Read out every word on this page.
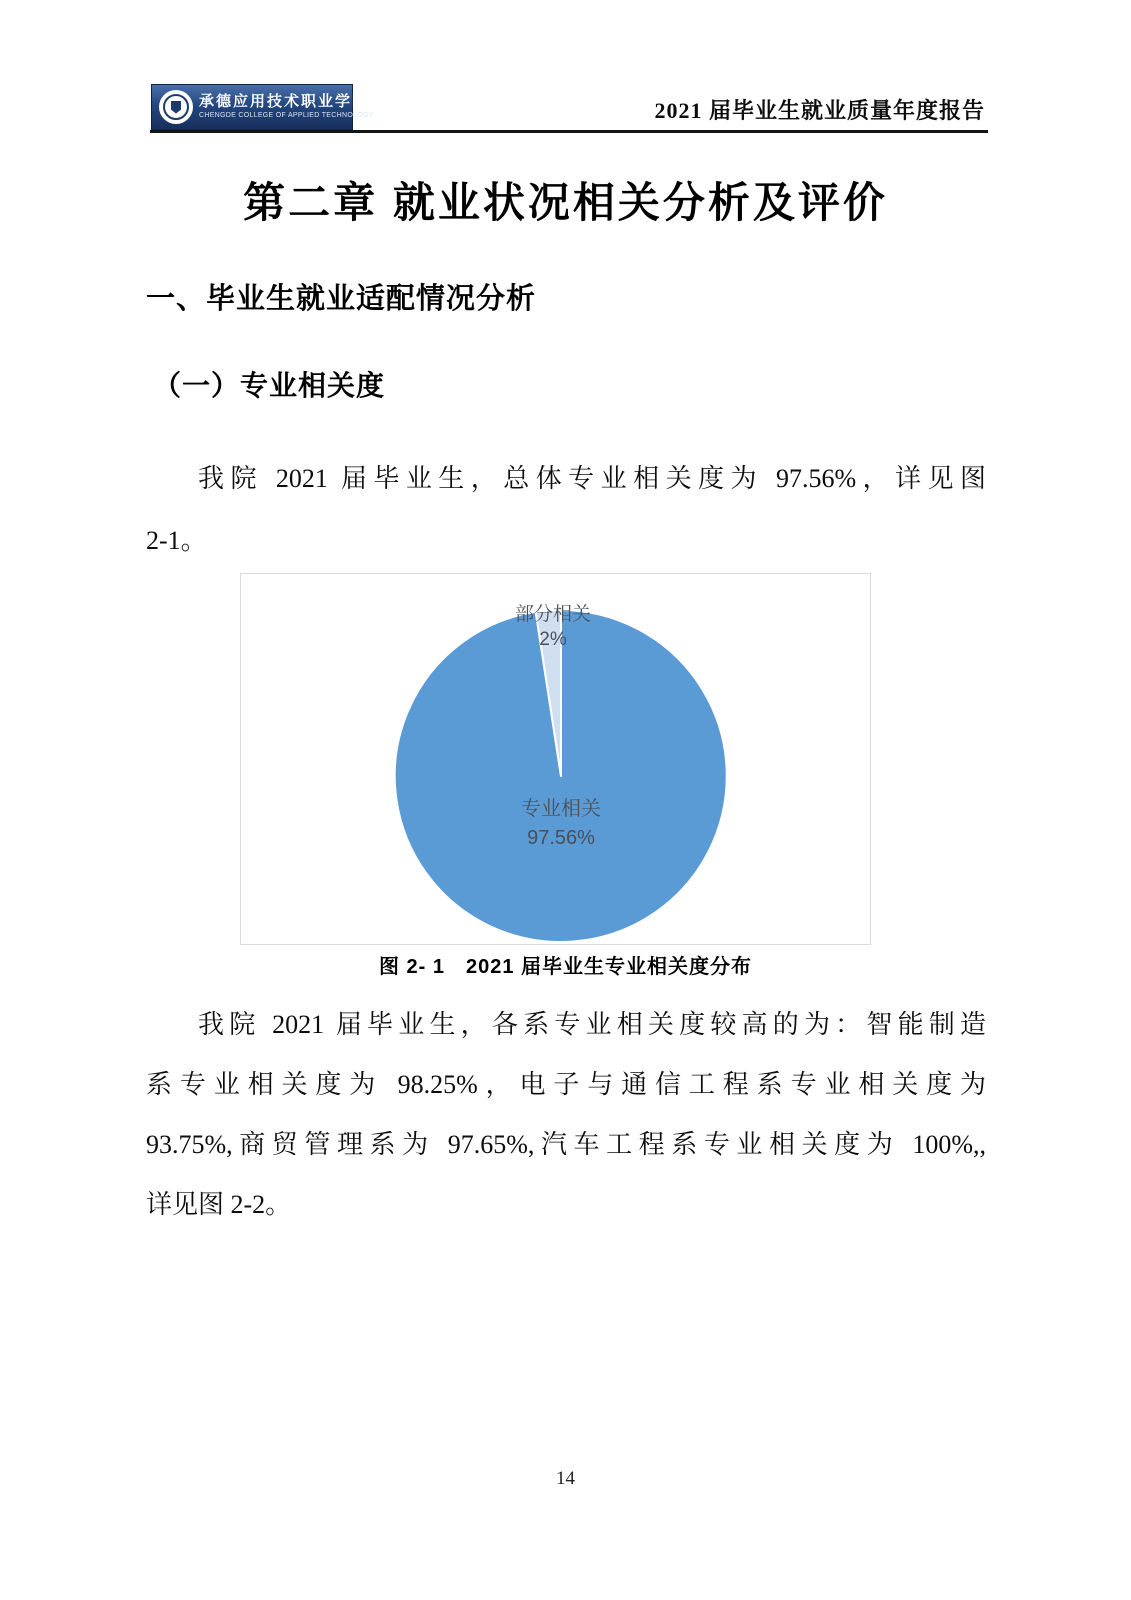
承德应用技术职业学院
CHENGDE COLLEGE OF APPLIED TECHNOLOGY	2021 届毕业生就业质量年度报告
第二章 就业状况相关分析及评价
一、毕业生就业适配情况分析
（一）专业相关度
我院 2021 届毕业生，总体专业相关度为 97.56%，详见图
2-1。
部分相关
2%
专业相关
97.56%
图 2- 1　2021 届毕业生专业相关度分布
我院 2021 届毕业生，各系专业相关度较高的为：智能制造
系专业相关度为 98.25%，电子与通信工程系专业相关度为
93.75%,商贸管理系为 97.65%,汽车工程系专业相关度为 100%,,
详见图 2-2。
14
